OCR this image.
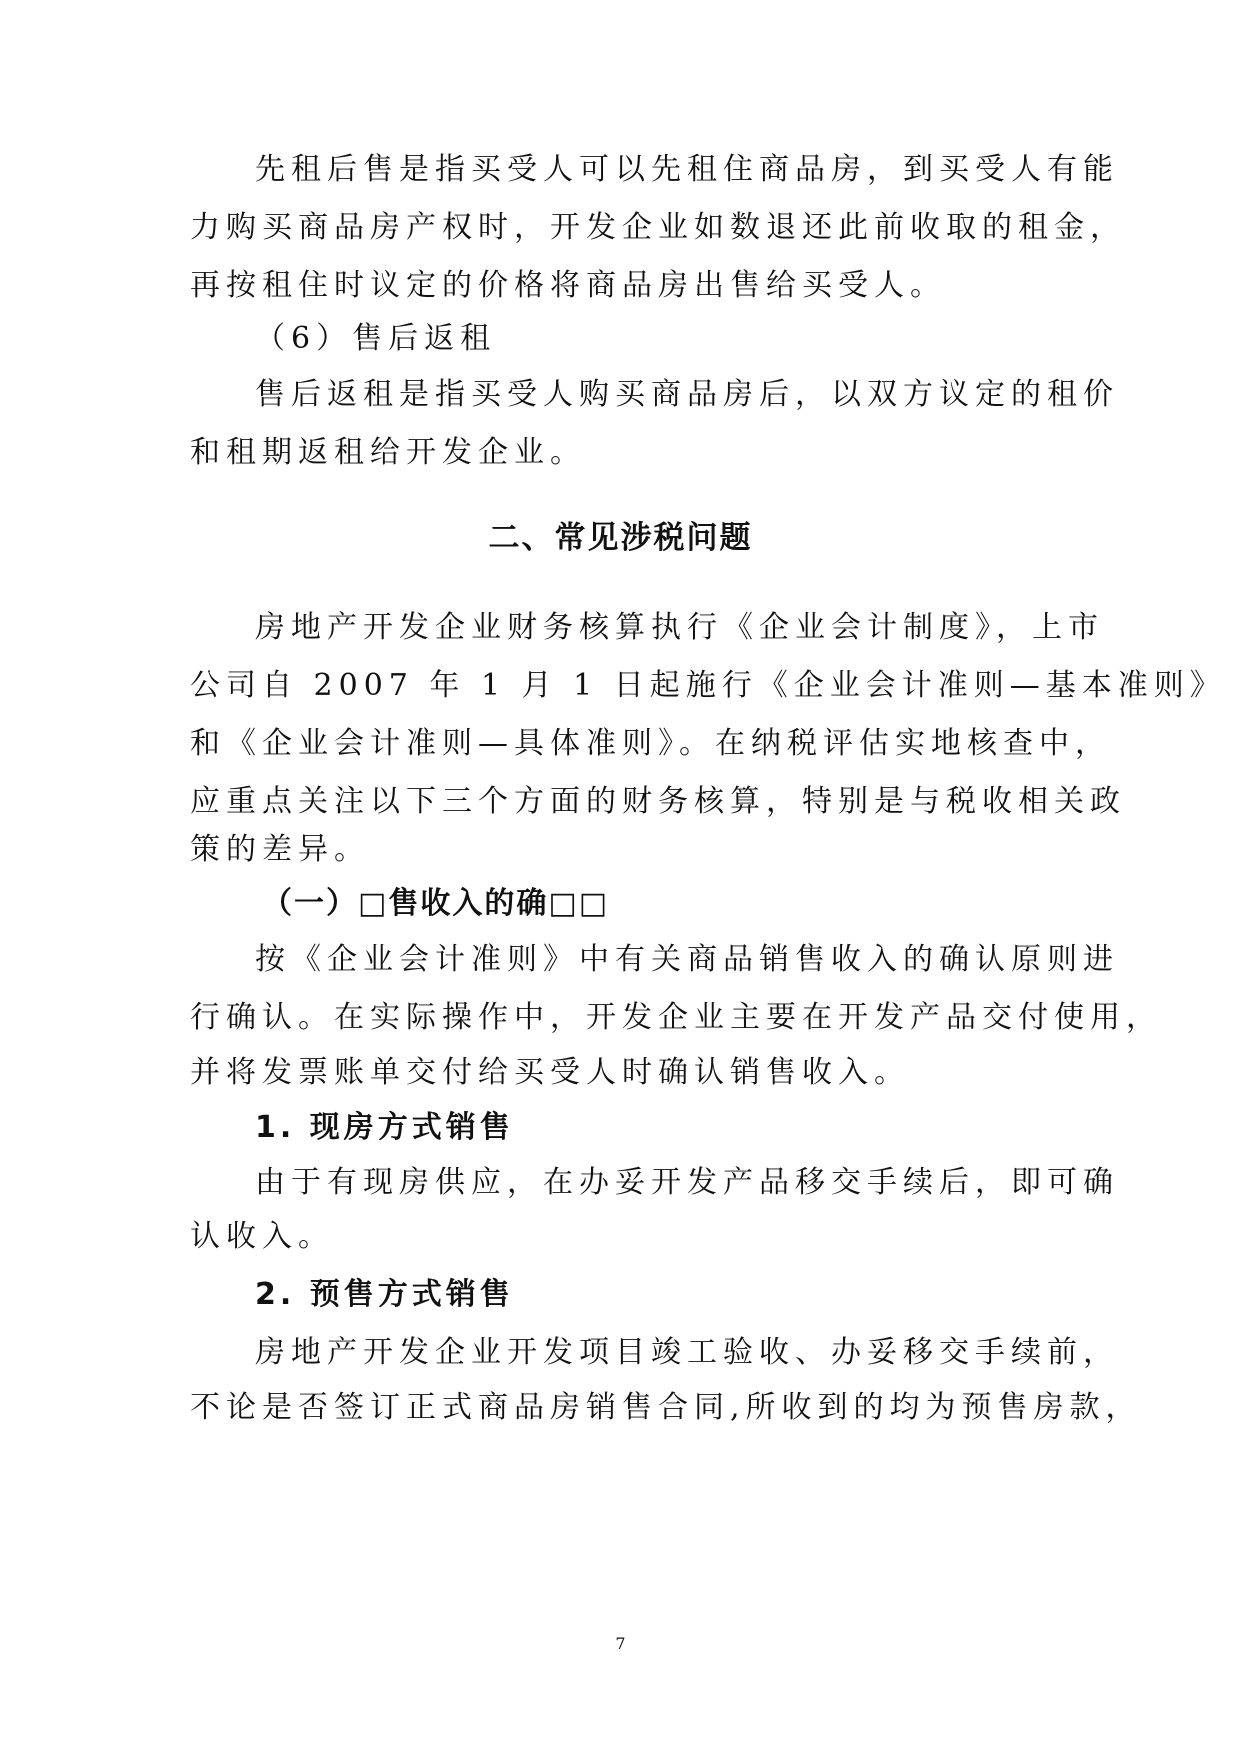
先租后售是指买受人可以先租住商品房，到买受人有能
力购买商品房产权时，开发企业如数退还此前收取的租金，
再按租住时议定的价格将商品房出售给买受人。
（6）售后返租
售后返租是指买受人购买商品房后，以双方议定的租价
和租期返租给开发企业。
二、常见涉税问题
房地产开发企业财务核算执行《企业会计制度》，上市
公司自 2007 年 1 月 1 日起施行《企业会计准则—基本准则》
和《企业会计准则—具体准则》。在纳税评估实地核查中，
应重点关注以下三个方面的财务核算，特别是与税收相关政
策的差异。
（一）□售收入的确□□
按《企业会计准则》中有关商品销售收入的确认原则进
行确认。在实际操作中，开发企业主要在开发产品交付使用，
并将发票账单交付给买受人时确认销售收入。
1. 现房方式销售
由于有现房供应，在办妥开发产品移交手续后，即可确
认收入。
2. 预售方式销售
房地产开发企业开发项目竣工验收、办妥移交手续前，
不论是否签订正式商品房销售合同,所收到的均为预售房款，
7
